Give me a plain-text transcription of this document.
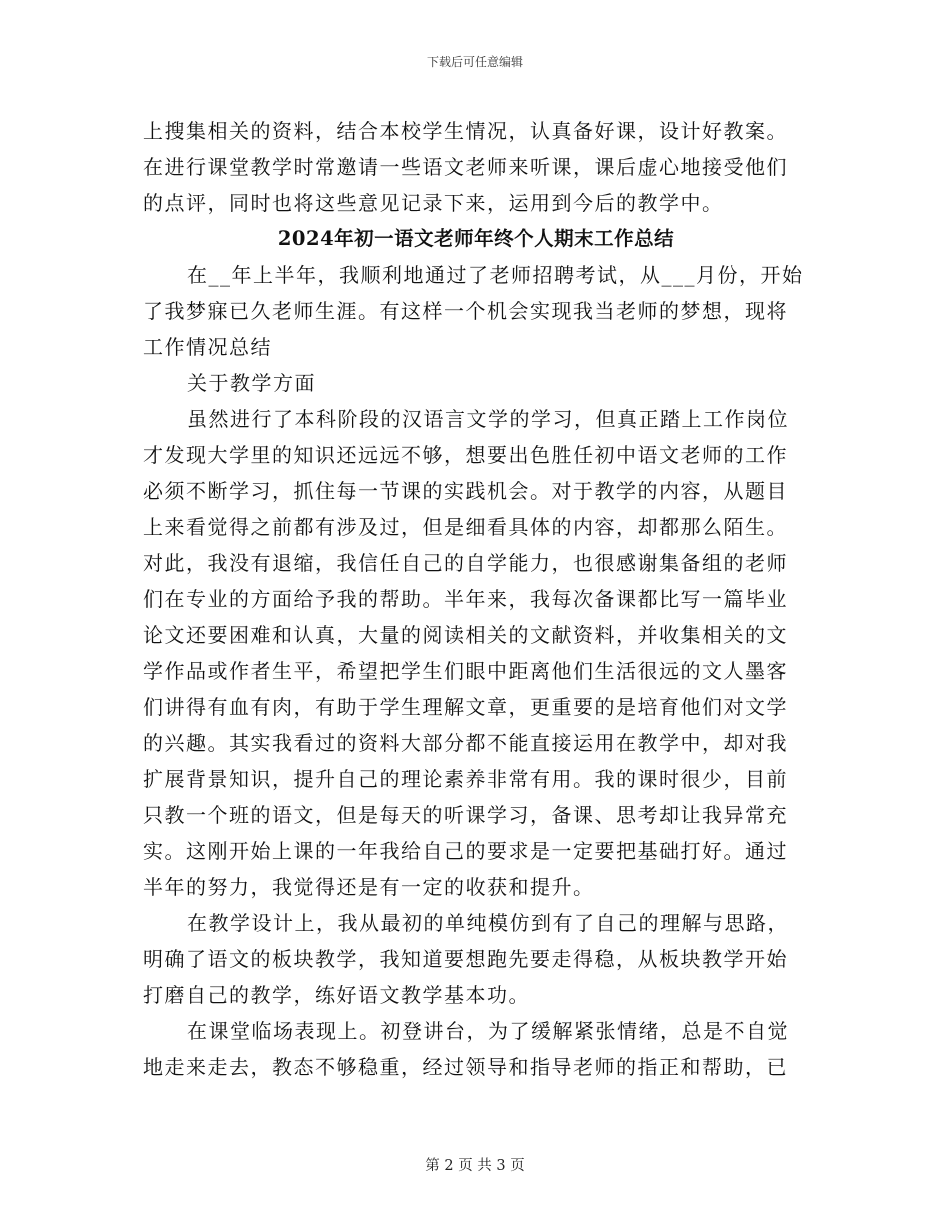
下载后可任意编辑
上搜集相关的资料，结合本校学生情况，认真备好课，设计好教案。
在进行课堂教学时常邀请一些语文老师来听课，课后虚心地接受他们
的点评，同时也将这些意见记录下来，运用到今后的教学中。
2024年初一语文老师年终个人期末工作总结
在__年上半年，我顺利地通过了老师招聘考试，从___月份，开始
了我梦寐已久老师生涯。有这样一个机会实现我当老师的梦想，现将
工作情况总结
关于教学方面
虽然进行了本科阶段的汉语言文学的学习，但真正踏上工作岗位
才发现大学里的知识还远远不够，想要出色胜任初中语文老师的工作
必须不断学习，抓住每一节课的实践机会。对于教学的内容，从题目
上来看觉得之前都有涉及过，但是细看具体的内容，却都那么陌生。
对此，我没有退缩，我信任自己的自学能力，也很感谢集备组的老师
们在专业的方面给予我的帮助。半年来，我每次备课都比写一篇毕业
论文还要困难和认真，大量的阅读相关的文献资料，并收集相关的文
学作品或作者生平，希望把学生们眼中距离他们生活很远的文人墨客
们讲得有血有肉，有助于学生理解文章，更重要的是培育他们对文学
的兴趣。其实我看过的资料大部分都不能直接运用在教学中，却对我
扩展背景知识，提升自己的理论素养非常有用。我的课时很少，目前
只教一个班的语文，但是每天的听课学习，备课、思考却让我异常充
实。这刚开始上课的一年我给自己的要求是一定要把基础打好。通过
半年的努力，我觉得还是有一定的收获和提升。
在教学设计上，我从最初的单纯模仿到有了自己的理解与思路，
明确了语文的板块教学，我知道要想跑先要走得稳，从板块教学开始
打磨自己的教学，练好语文教学基本功。
在课堂临场表现上。初登讲台，为了缓解紧张情绪，总是不自觉
地走来走去，教态不够稳重，经过领导和指导老师的指正和帮助，已
第 2 页 共 3 页
